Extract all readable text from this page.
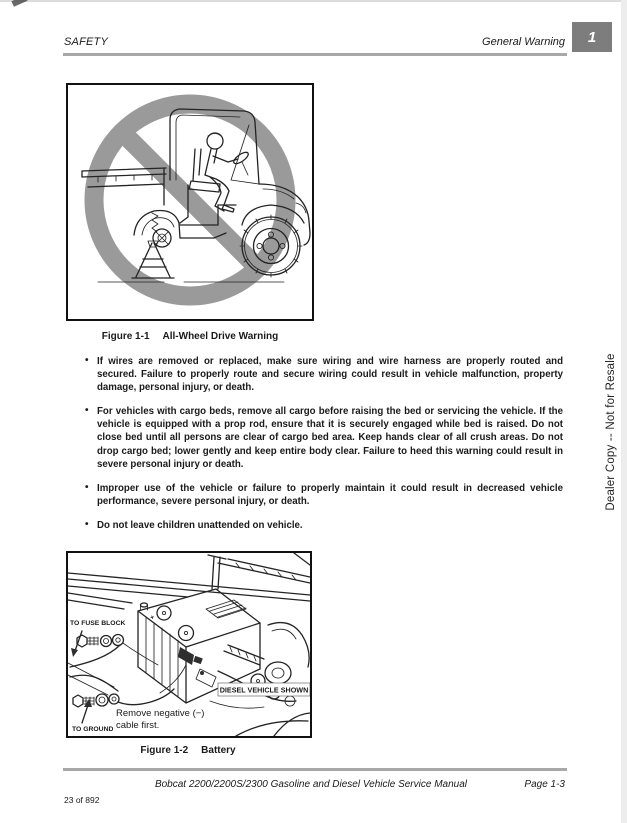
SAFETY	General Warning	1
Figure 1-1 All-Wheel Drive Warning
• If wires are removed or replaced, make sure wiring and wire harness are properly routed and secured. Failure to properly route and secure wiring could result in vehicle malfunction, property damage, personal injury, or death.
• For vehicles with cargo beds, remove all cargo before raising the bed or servicing the vehicle. If the vehicle is equipped with a prop rod, ensure that it is securely engaged while bed is raised. Do not close bed until all persons are clear of cargo bed area. Keep hands clear of all crush areas. Do not drop cargo bed; lower gently and keep entire body clear. Failure to heed this warning could result in severe personal injury or death.
• Improper use of the vehicle or failure to properly maintain it could result in decreased vehicle performance, severe personal injury, or death.
• Do not leave children unattended on vehicle.
+
DIESEL VEHICLE SHOWN
TO FUSE BLOCK
TO GROUND
Remove negative (−)
cable first.
Figure 1-2 Battery
Dealer Copy -- Not for Resale
Bobcat 2200/2200S/2300 Gasoline and Diesel Vehicle Service Manual	Page 1-3
23 of 892
